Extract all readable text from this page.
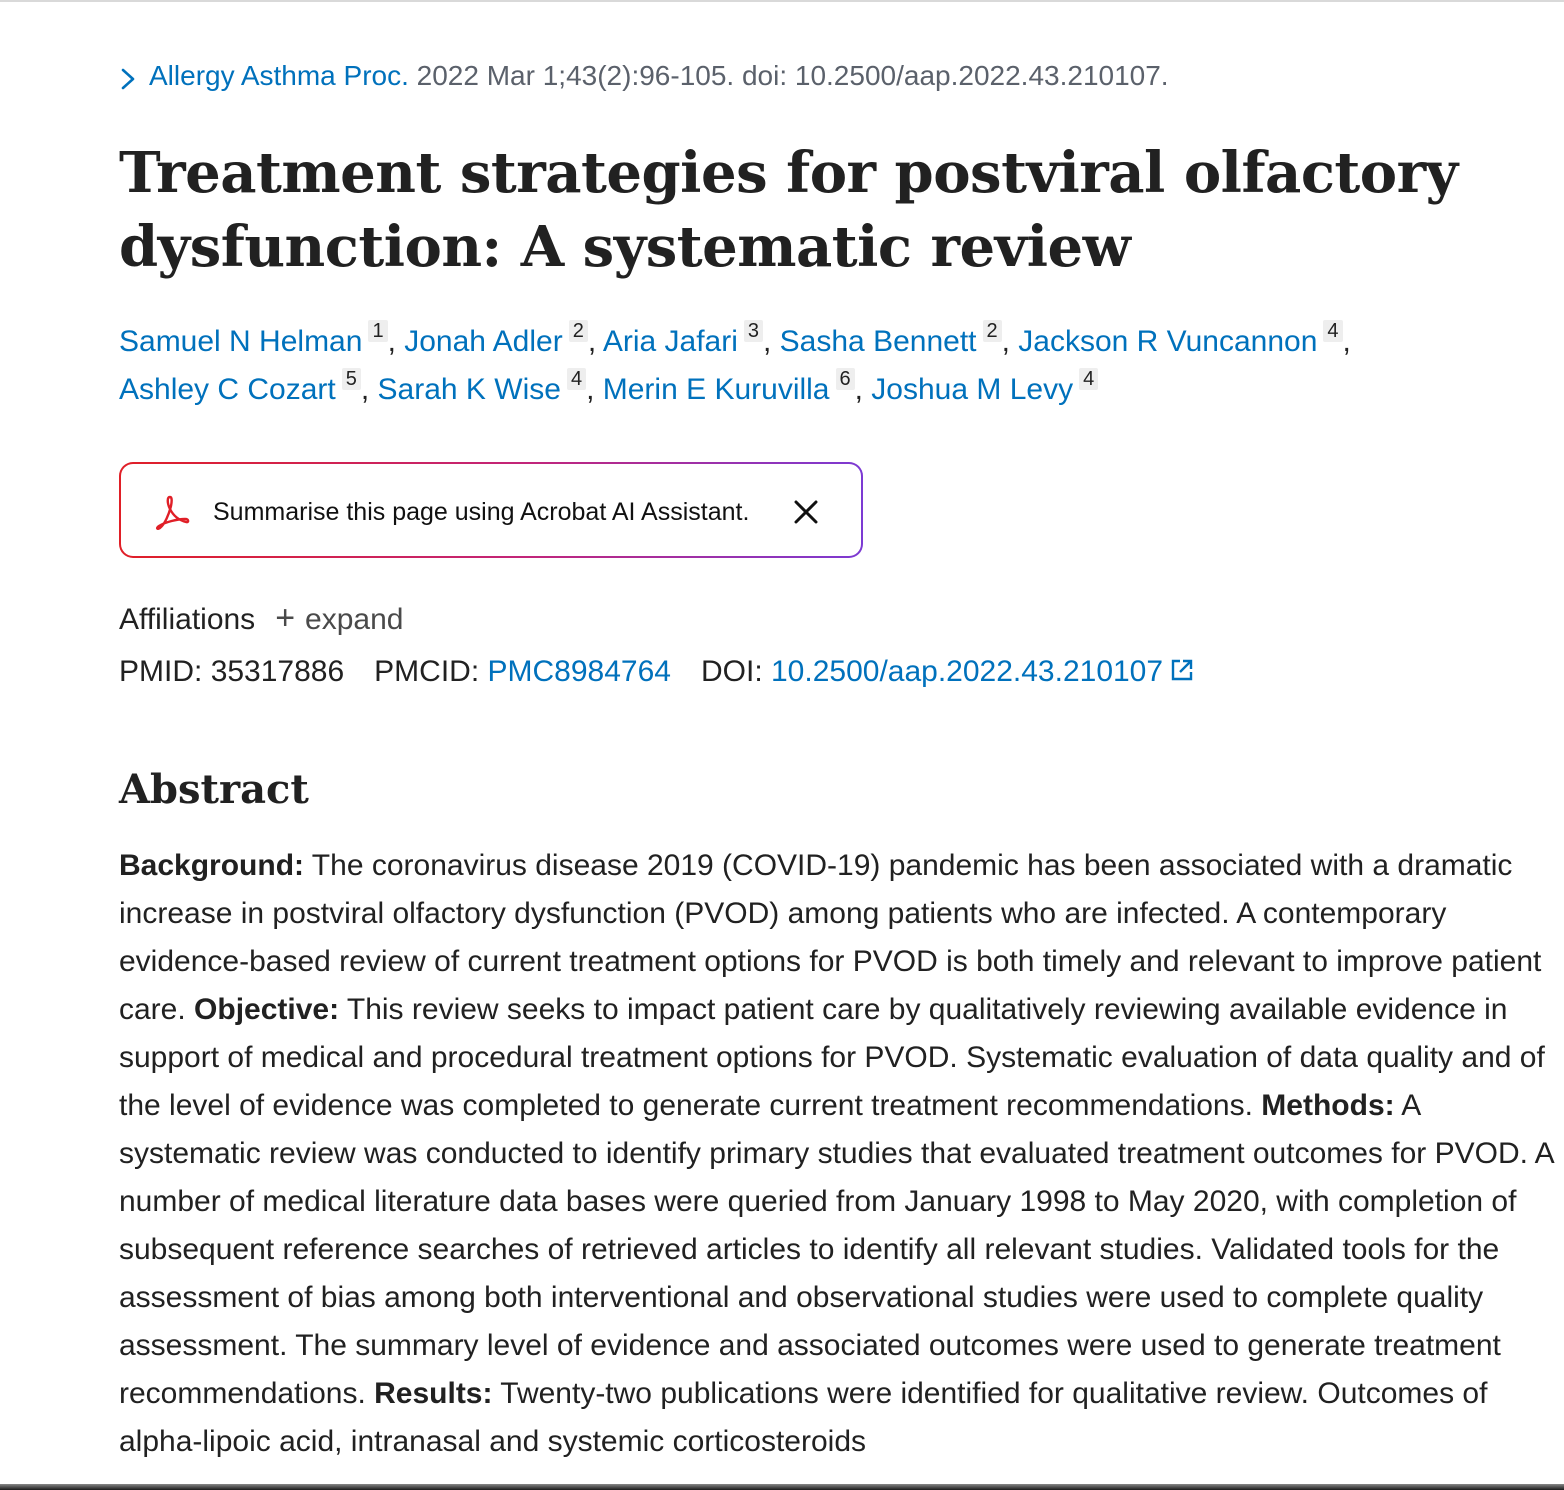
Allergy Asthma Proc. 2022 Mar 1;43(2):96-105. doi: 10.2500/aap.2022.43.210107.
Treatment strategies for postviral olfactory dysfunction: A systematic review
Samuel N Helman $^1$ , Jonah Adler $^2$ , Aria Jafari $^3$ , Sasha Bennett $^2$ , Jackson R Vuncannon $^4$ ,
Ashley C Cozart $^5$ , Sarah K Wise $^4$ , Merin E Kuruvilla $^6$ , Joshua M Levy $^4$
Summarise this page using Acrobat AI Assistant.
Affiliations + expand
PMID: 35317886 PMCID: PMC8984764 DOI: 10.2500/aap.2022.43.210107
Abstract

Background: The coronavirus disease 2019 (COVID-19) pandemic has been associated with a dramatic increase in postviral olfactory dysfunction (PVOD) among patients who are infected. A contemporary evidence-based review of current treatment options for PVOD is both timely and relevant to improve patient care. Objective: This review seeks to impact patient care by qualitatively reviewing available evidence in support of medical and procedural treatment options for PVOD. Systematic evaluation of data quality and of the level of evidence was completed to generate current treatment recommendations. Methods: A systematic review was conducted to identify primary studies that evaluated treatment outcomes for PVOD. A number of medical literature data bases were queried from January 1998 to May 2020, with completion of subsequent reference searches of retrieved articles to identify all relevant studies. Validated tools for the assessment of bias among both interventional and observational studies were used to complete quality assessment. The summary level of evidence and associated outcomes were used to generate treatment recommendations. Results: Twenty-two publications were identified for qualitative review. Outcomes of alpha-lipoic acid, intranasal and systemic corticosteroids
